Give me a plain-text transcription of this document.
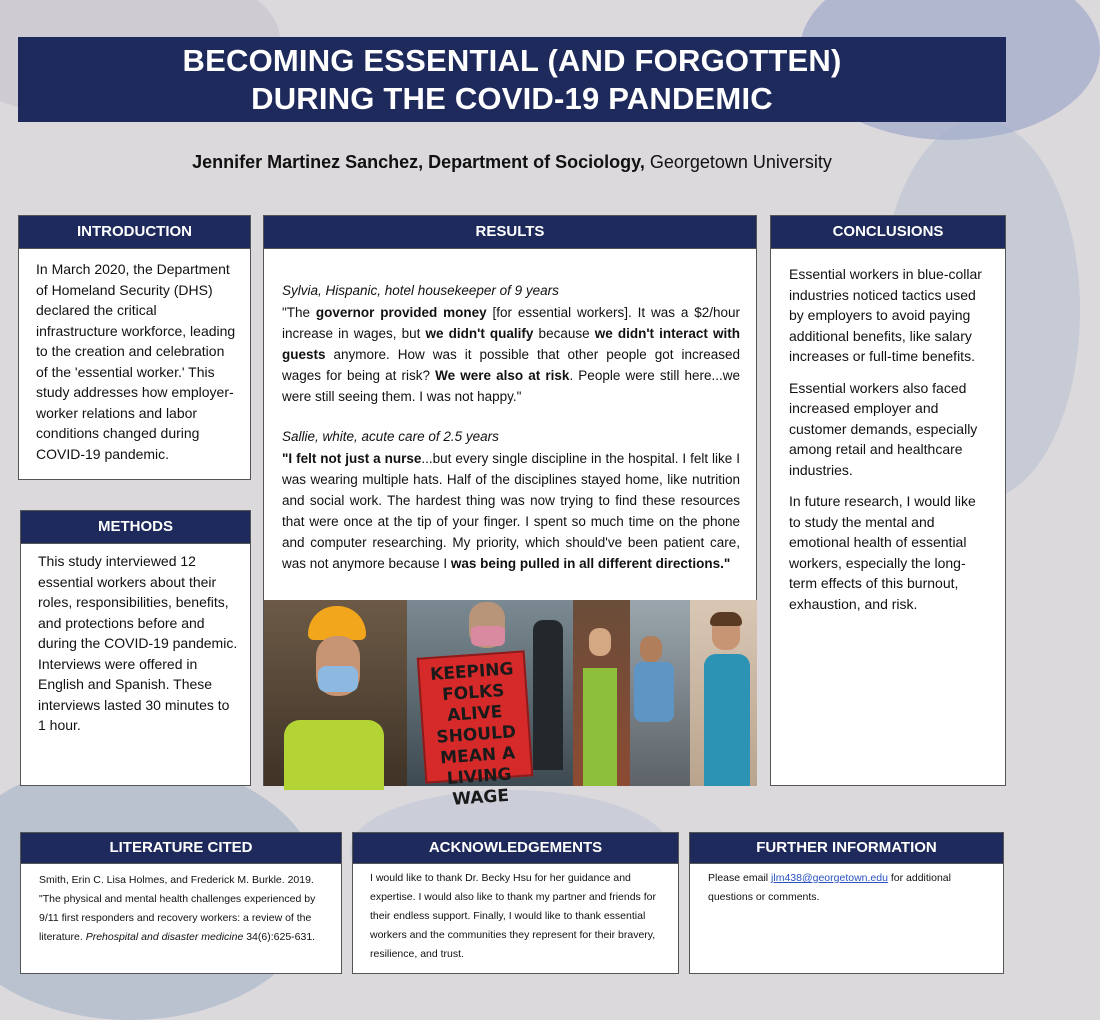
BECOMING ESSENTIAL (AND FORGOTTEN)
DURING THE COVID-19 PANDEMIC
Jennifer Martinez Sanchez, Department of Sociology, Georgetown University
INTRODUCTION
In March 2020, the Department of Homeland Security (DHS) declared the critical infrastructure workforce, leading to the creation and celebration of the 'essential worker.' This study addresses how employer-worker relations and labor conditions changed during COVID-19 pandemic.
METHODS
This study interviewed 12 essential workers about their roles, responsibilities, benefits, and protections before and during the COVID-19 pandemic. Interviews were offered in English and Spanish. These interviews lasted 30 minutes to 1 hour.
RESULTS
Sylvia, Hispanic, hotel housekeeper of 9 years
"The governor provided money [for essential workers]. It was a $2/hour increase in wages, but we didn't qualify because we didn't interact with guests anymore. How was it possible that other people got increased wages for being at risk? We were also at risk. People were still here...we were still seeing them. I was not happy."
Sallie, white, acute care of 2.5 years
"I felt not just a nurse...but every single discipline in the hospital. I felt like I was wearing multiple hats. Half of the disciplines stayed home, like nutrition and social work. The hardest thing was now trying to find these resources that were once at the tip of your finger. I spent so much time on the phone and computer researching. My priority, which should've been patient care, was not anymore because I was being pulled in all different directions."
KEEPING FOLKS ALIVE SHOULD MEAN A LIVING WAGE
CONCLUSIONS
Essential workers in blue-collar industries noticed tactics used by employers to avoid paying additional benefits, like salary increases or full-time benefits.
Essential workers also faced increased employer and customer demands, especially among retail and healthcare industries.
In future research, I would like to study the mental and emotional health of essential workers, especially the long-term effects of this burnout, exhaustion, and risk.
LITERATURE CITED
Smith, Erin C. Lisa Holmes, and Frederick M. Burkle. 2019. "The physical and mental health challenges experienced by 9/11 first responders and recovery workers: a review of the literature. Prehospital and disaster medicine 34(6):625-631.
ACKNOWLEDGEMENTS
I would like to thank Dr. Becky Hsu for her guidance and expertise. I would also like to thank my partner and friends for their endless support. Finally, I would like to thank essential workers and the communities they represent for their bravery, resilience, and trust.
FURTHER INFORMATION
Please email jlm438@georgetown.edu for additional questions or comments.
